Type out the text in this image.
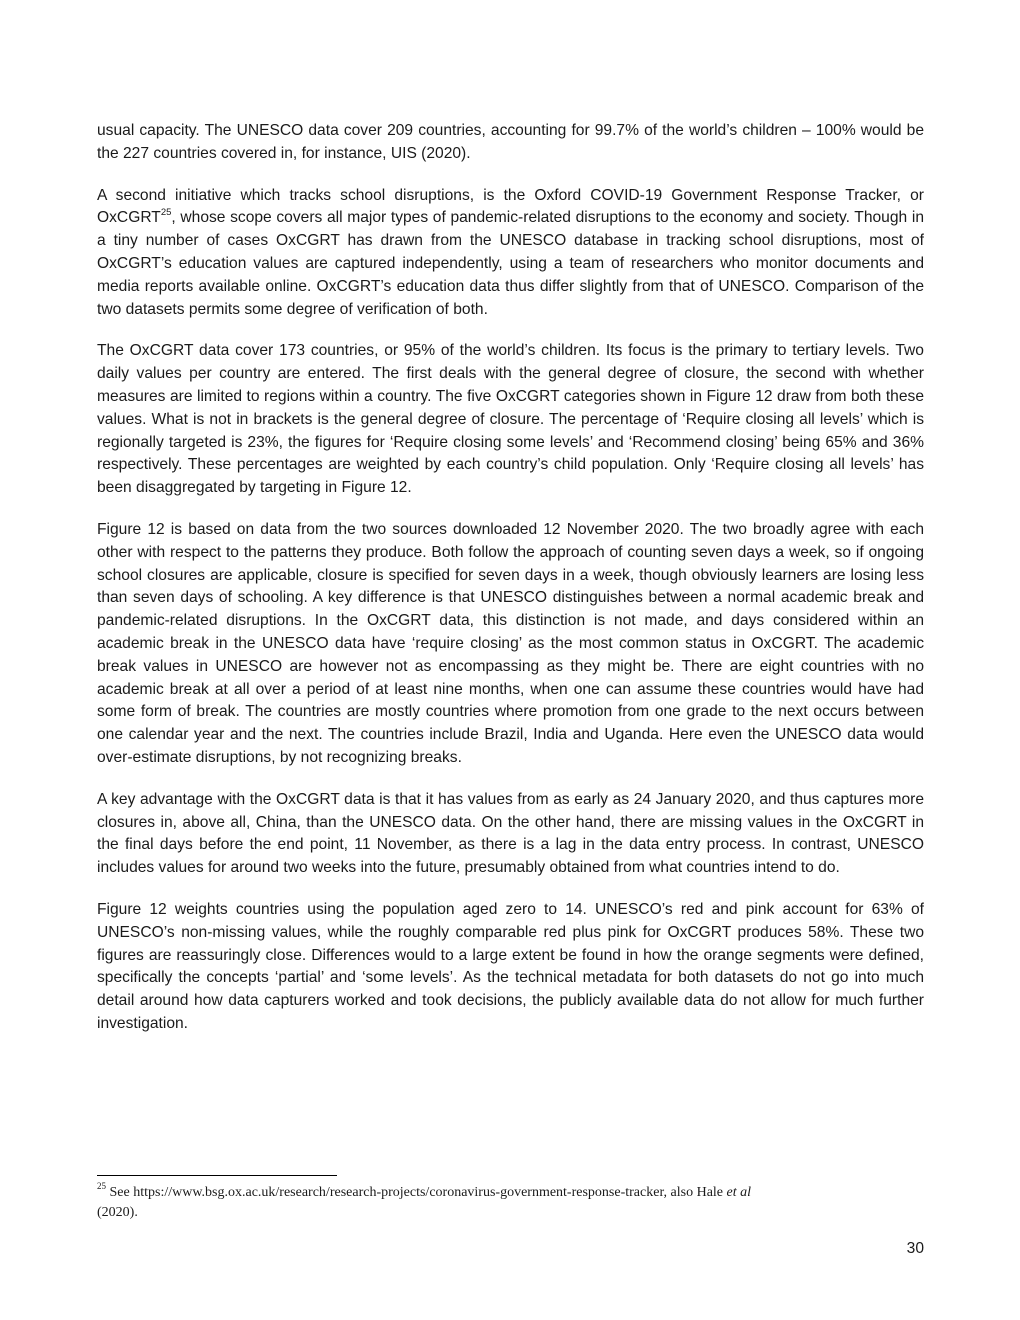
usual capacity. The UNESCO data cover 209 countries, accounting for 99.7% of the world’s children – 100% would be the 227 countries covered in, for instance, UIS (2020).

A second initiative which tracks school disruptions, is the Oxford COVID-19 Government Response Tracker, or OxCGRT$^{25}$, whose scope covers all major types of pandemic-related disruptions to the economy and society. Though in a tiny number of cases OxCGRT has drawn from the UNESCO database in tracking school disruptions, most of OxCGRT’s education values are captured independently, using a team of researchers who monitor documents and media reports available online. OxCGRT’s education data thus differ slightly from that of UNESCO. Comparison of the two datasets permits some degree of verification of both.

The OxCGRT data cover 173 countries, or 95% of the world’s children. Its focus is the primary to tertiary levels. Two daily values per country are entered. The first deals with the general degree of closure, the second with whether measures are limited to regions within a country. The five OxCGRT categories shown in Figure 12 draw from both these values. What is not in brackets is the general degree of closure. The percentage of ‘Require closing all levels’ which is regionally targeted is 23%, the figures for ‘Require closing some levels’ and ‘Recommend closing’ being 65% and 36% respectively. These percentages are weighted by each country’s child population. Only ‘Require closing all levels’ has been disaggregated by targeting in Figure 12.

Figure 12 is based on data from the two sources downloaded 12 November 2020. The two broadly agree with each other with respect to the patterns they produce. Both follow the approach of counting seven days a week, so if ongoing school closures are applicable, closure is specified for seven days in a week, though obviously learners are losing less than seven days of schooling. A key difference is that UNESCO distinguishes between a normal academic break and pandemic-related disruptions. In the OxCGRT data, this distinction is not made, and days considered within an academic break in the UNESCO data have ‘require closing’ as the most common status in OxCGRT. The academic break values in UNESCO are however not as encompassing as they might be. There are eight countries with no academic break at all over a period of at least nine months, when one can assume these countries would have had some form of break. The countries are mostly countries where promotion from one grade to the next occurs between one calendar year and the next. The countries include Brazil, India and Uganda. Here even the UNESCO data would over-estimate disruptions, by not recognizing breaks.

A key advantage with the OxCGRT data is that it has values from as early as 24 January 2020, and thus captures more closures in, above all, China, than the UNESCO data. On the other hand, there are missing values in the OxCGRT in the final days before the end point, 11 November, as there is a lag in the data entry process. In contrast, UNESCO includes values for around two weeks into the future, presumably obtained from what countries intend to do.

Figure 12 weights countries using the population aged zero to 14. UNESCO’s red and pink account for 63% of UNESCO’s non-missing values, while the roughly comparable red plus pink for OxCGRT produces 58%. These two figures are reassuringly close. Differences would to a large extent be found in how the orange segments were defined, specifically the concepts ‘partial’ and ‘some levels’. As the technical metadata for both datasets do not go into much detail around how data capturers worked and took decisions, the publicly available data do not allow for much further investigation.

$^{25}$ See https://www.bsg.ox.ac.uk/research/research-projects/coronavirus-government-response-tracker, also Hale et al
(2020).
30
